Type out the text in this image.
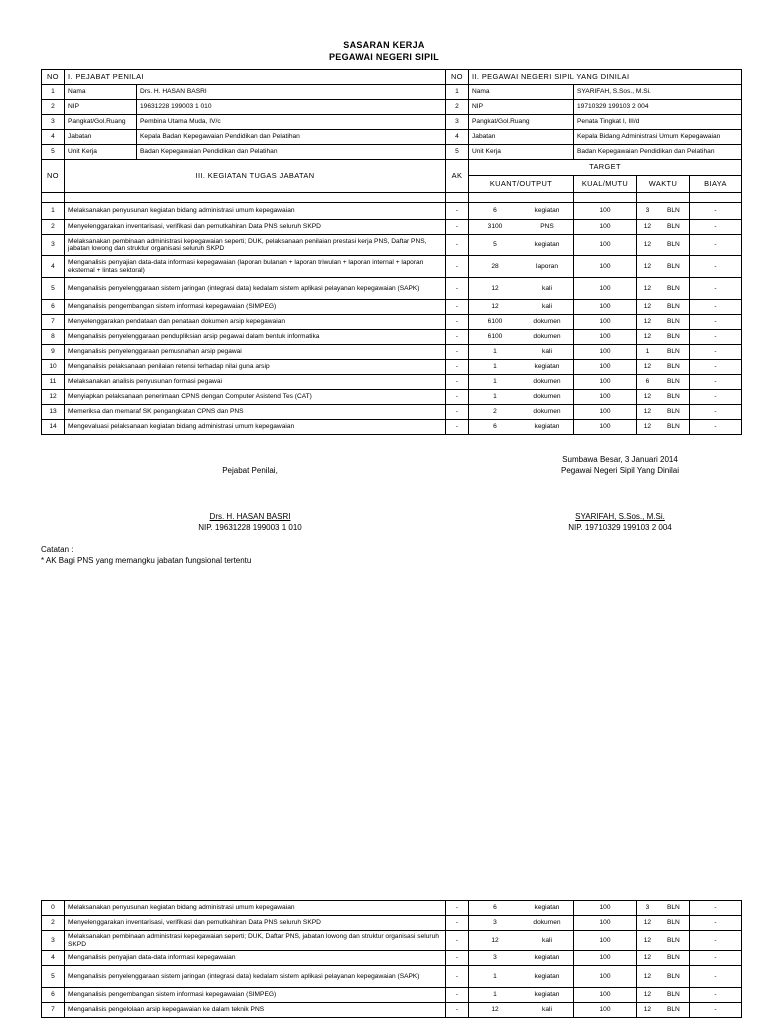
SASARAN KERJA
PEGAWAI NEGERI SIPIL
NO	I. PEJABAT PENILAI		NO	II. PEGAWAI NEGERI SIPIL YANG DINILAI			
1	Nama	Drs. H. HASAN BASRI	1	Nama	SYARIFAH, S.Sos., M.Si.		
2	NIP	19631228 199003 1 010	2	NIP	19710329 199103 2 004		
3	Pangkat/Gol.Ruang	Pembina Utama Muda, IV/c	3	Pangkat/Gol.Ruang	Penata Tingkat I, III/d		
4	Jabatan	Kepala Badan Kepegawaian Pendidikan dan Pelatihan	4	Jabatan	Kepala Bidang Administrasi Umum Kepegawaian		
5	Unit Kerja	Badan Kepegawaian Pendidikan dan Pelatihan	5	Unit Kerja	Badan Kepegawaian Pendidikan dan Pelatihan		
NO	III. KEGIATAN TUGAS JABATAN		AK	TARGET			
				KUANT/OUTPUT	KUAL/MUTU	WAKTU	BIAYA

1	Melaksanakan penyusunan kegiatan bidang administrasi umum kepegawaian		-	6 kegiatan	100	3 BLN	-
2	Menyelenggarakan inventarisasi, verifikasi dan pemutkahiran Data PNS seluruh SKPD		-	3100 PNS	100	12 BLN	-
3	Melaksanakan pembinaan administrasi kepegawaian seperti; DUK, pelaksanaan penilaian prestasi kerja PNS, Daftar PNS, jabatan lowong dan struktur organisasi seluruh SKPD		-	5 kegiatan	100	12 BLN	-
4	Menganalisis penyajian data-data informasi kepegawaian (laporan bulanan + laporan triwulan + laporan internal + laporan eksternal + lintas sektoral)		-	28 laporan	100	12 BLN	-
5	Menganalisis penyelenggaraan sistem jaringan (integrasi data) kedalam sistem aplikasi pelayanan kepegawaian (SAPK)		-	12 kali	100	12 BLN	-
6	Menganalisis pengembangan sistem informasi kepegawaian (SIMPEG)		-	12 kali	100	12 BLN	-
7	Menyelenggarakan pendataan dan penataan dokumen arsip kepegawaian		-	6100 dokumen	100	12 BLN	-
8	Menganalisis penyelenggaraan pendupliksian arsip pegawai dalam bentuk informatika		-	6100 dokumen	100	12 BLN	-
9	Menganalisis penyelenggaraan pemusnahan arsip pegawai		-	1 kali	100	1 BLN	-
10	Menganalisis pelaksanaan penilaian retensi terhadap nilai guna arsip		-	1 kegiatan	100	12 BLN	-
11	Melaksanakan analisis penyusunan formasi pegawai		-	1 dokumen	100	6 BLN	-
12	Menyiapkan pelaksanaan penerimaan CPNS dengan Computer Asistend Tes (CAT)		-	1 dokumen	100	12 BLN	-
13	Memeriksa dan memaraf SK pengangkatan CPNS dan PNS		-	2 dokumen	100	12 BLN	-
14	Mengevaluasi pelaksanaan kegiatan bidang administrasi umum kepegawaian		-	6 kegiatan	100	12 BLN	-
Sumbawa Besar, 3 Januari 2014
Pegawai Negeri Sipil Yang Dinilai
Pejabat Penilai,
Drs. H. HASAN BASRI
NIP. 19631228 199003 1 010
SYARIFAH, S.Sos., M.Si.
NIP. 19710329 199103 2 004
Catatan :
* AK Bagi PNS yang memangku jabatan fungsional tertentu
0	Melaksanakan penyusunan kegiatan bidang administrasi umum kepegawaian	-	6 kegiatan	100	3 BLN	-
2	Menyelenggarakan inventarisasi, verifikasi dan pemutkahiran Data PNS seluruh SKPD	-	3 dokumen	100	12 BLN	-
3	Melaksanakan pembinaan administrasi kepegawaian seperti; DUK, Daftar PNS, jabatan lowong dan struktur organisasi seluruh SKPD	-	12 kali	100	12 BLN	-
4	Menganalisis penyajian data-data informasi kepegawaian	-	3 kegiatan	100	12 BLN	-
5	Menganalisis penyelenggaraan sistem jaringan (integrasi data) kedalam sistem aplikasi pelayanan kepegawaian (SAPK)	-	1 kegiatan	100	12 BLN	-
6	Menganalisis pengembangan sistem informasi kepegawaian (SIMPEG)	-	1 kegiatan	100	12 BLN	-
7	Menganalisis pengelolaan arsip kepegawaian ke dalam teknik PNS	-	12 kali	100	12 BLN	-
